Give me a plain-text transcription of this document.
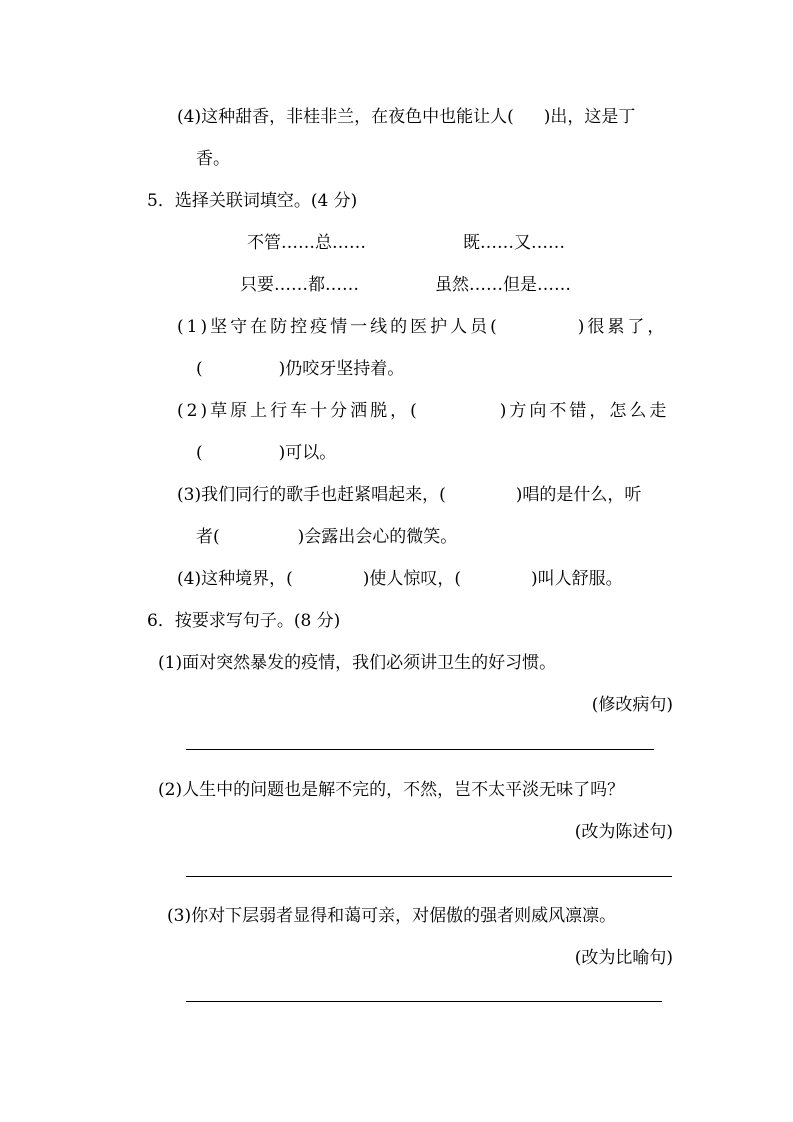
(4)这种甜香，非桂非兰，在夜色中也能让人( )出，这是丁
香。
5．选择关联词填空。(4 分)
不管……总……	既……又……
只要……都……	虽然……但是……
(1)坚守在防控疫情一线的医护人员(	)很累了，
(	)仍咬牙坚持着。
(2)草原上行车十分洒脱，(	)方向不错，怎么走
(	)可以。
(3)我们同行的歌手也赶紧唱起来，(	)唱的是什么，听
者(	)会露出会心的微笑。
(4)这种境界，(	)使人惊叹，(	)叫人舒服。
6．按要求写句子。(8 分)
(1)面对突然暴发的疫情，我们必须讲卫生的好习惯。
(修改病句)
(2)人生中的问题也是解不完的，不然，岂不太平淡无味了吗？
(改为陈述句)
(3)你对下层弱者显得和蔼可亲，对倨傲的强者则威风凛凛。
(改为比喻句)
